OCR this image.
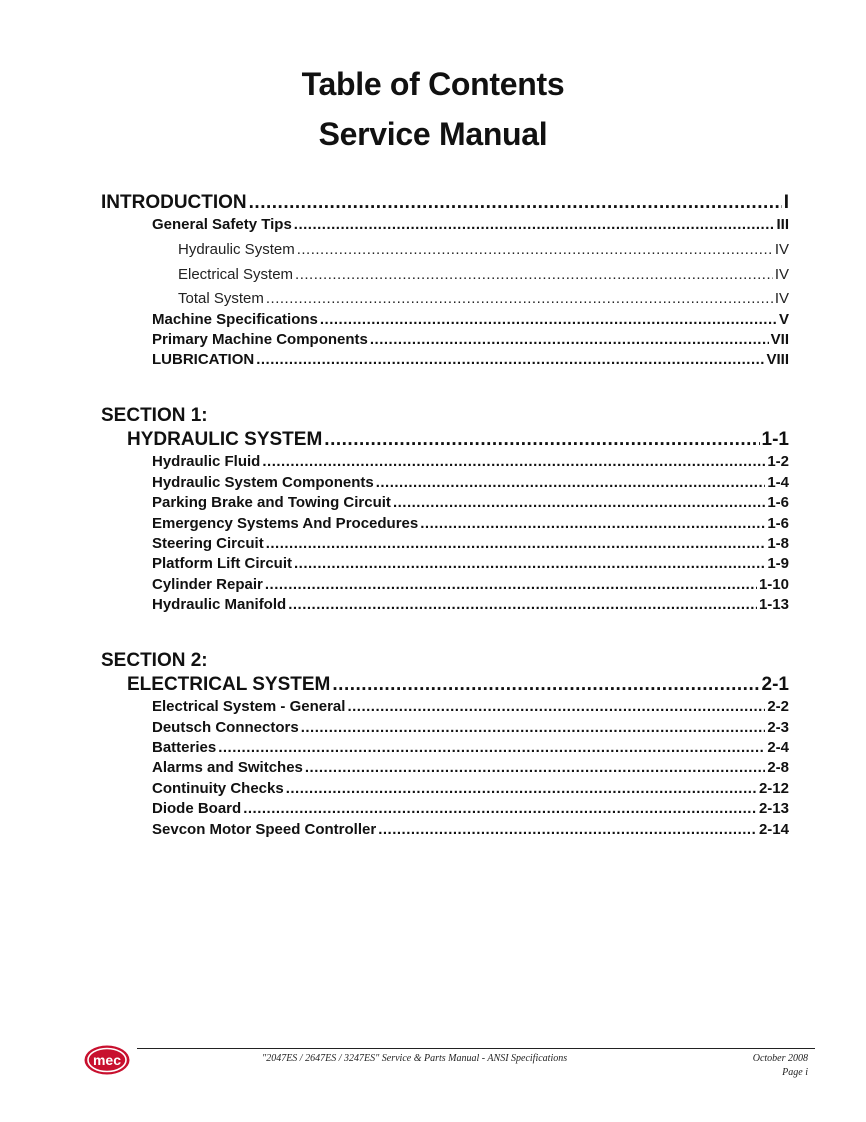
Table of Contents
Service Manual
INTRODUCTION .....	I
General Safety Tips .....	III
Hydraulic System .....	IV
Electrical System .....	IV
Total System .....	IV
Machine Specifications .....	V
Primary Machine Components .....	VII
LUBRICATION .....	VIII
SECTION 1:
HYDRAULIC SYSTEM .....	1-1
Hydraulic Fluid .....	1-2
Hydraulic System Components .....	1-4
Parking Brake and Towing Circuit .....	1-6
Emergency Systems And Procedures .....	1-6
Steering Circuit .....	1-8
Platform Lift Circuit .....	1-9
Cylinder Repair .....	1-10
Hydraulic Manifold .....	1-13
SECTION 2:
ELECTRICAL SYSTEM .....	2-1
Electrical System - General .....	2-2
Deutsch Connectors .....	2-3
Batteries .....	2-4
Alarms and Switches .....	2-8
Continuity Checks .....	2-12
Diode Board .....	2-13
Sevcon Motor Speed Controller .....	2-14
mec	"2047ES / 2647ES / 3247ES" Service & Parts Manual - ANSI Specifications	October 2008
Page i
